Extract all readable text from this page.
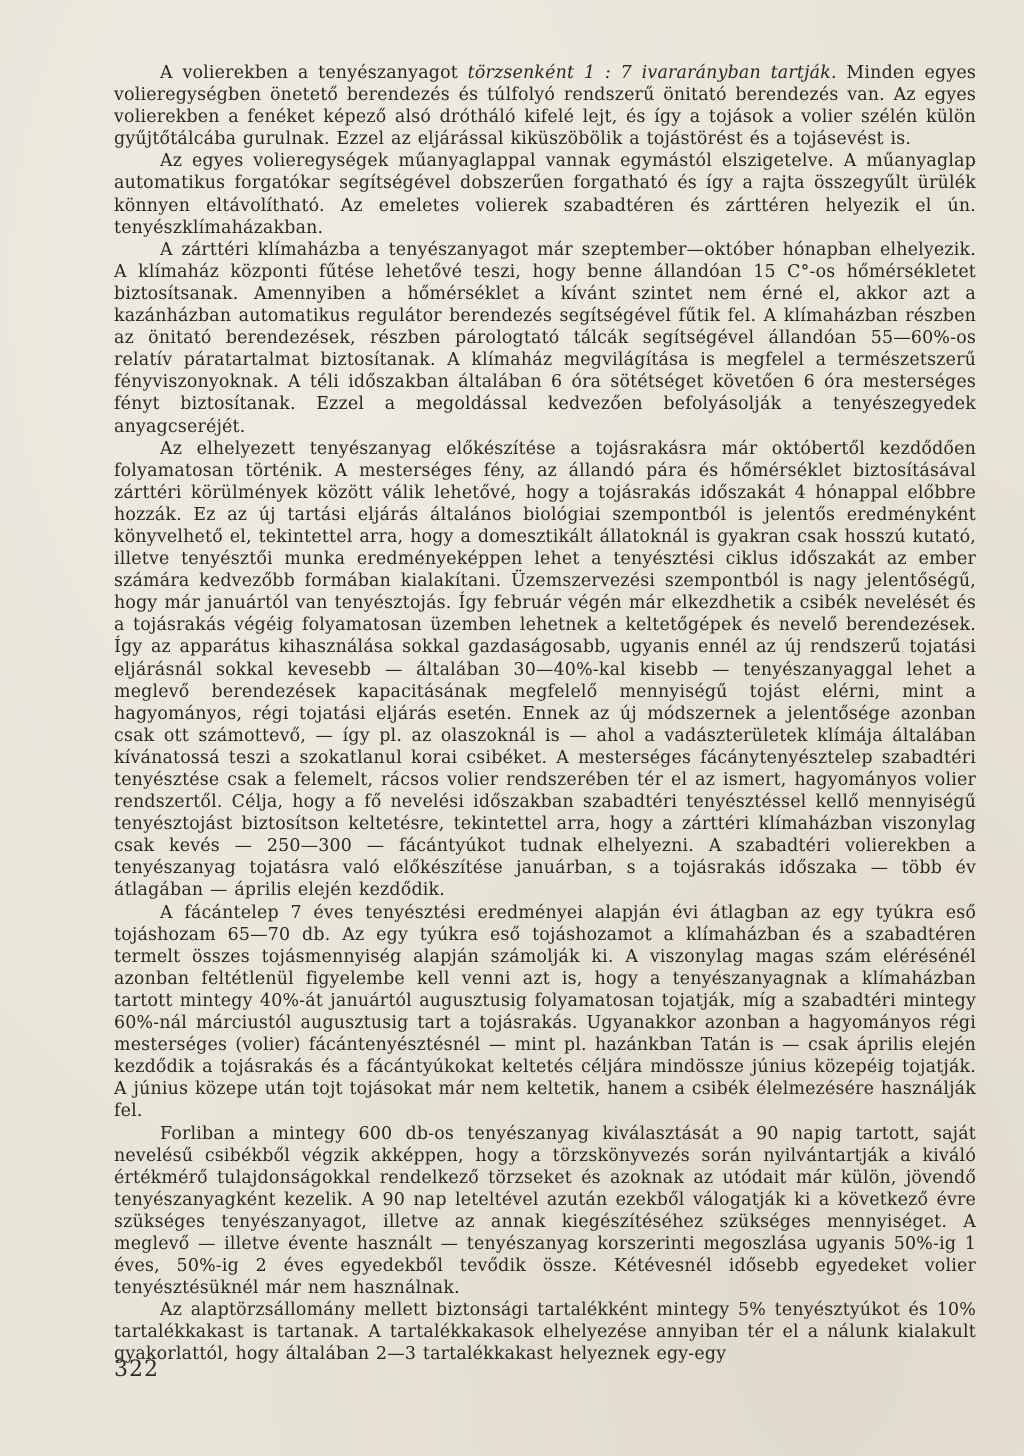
A volierekben a tenyészanyagot törzsenként 1 : 7 ivararányban tartják. Minden egyes volieregységben önetető berendezés és túlfolyó rendszerű önitató berendezés van. Az egyes volierekben a fenéket képező alsó drótháló kifelé lejt, és így a tojások a volier szélén külön gyűjtőtálcába gurulnak. Ezzel az eljárással kiküszöbölik a tojástörést és a tojásevést is.

Az egyes volieregységek műanyaglappal vannak egymástól elszigetelve. A műanyaglap automatikus forgatókar segítségével dobszerűen forgatható és így a rajta összegyűlt ürülék könnyen eltávolítható. Az emeletes volierek szabadtéren és zárttéren helyezik el ún. tenyészklímaházakban.

A zárttéri klímaházba a tenyészanyagot már szeptember—október hónapban elhelyezik. A klímaház központi fűtése lehetővé teszi, hogy benne állandóan 15 C°-os hőmérsékletet biztosítsanak. Amennyiben a hőmérséklet a kívánt szintet nem érné el, akkor azt a kazánházban automatikus regulátor berendezés segítségével fűtik fel. A klímaházban részben az önitató berendezések, részben párologtató tálcák segítségével állandóan 55—60%-os relatív páratartalmat biztosítanak. A klímaház megvilágítása is megfelel a természetszerű fényviszonyoknak. A téli időszakban általában 6 óra sötétséget követően 6 óra mesterséges fényt biztosítanak. Ezzel a megoldással kedvezően befolyásolják a tenyészegyedek anyagcseréjét.

Az elhelyezett tenyészanyag előkészítése a tojásrakásra már októbertől kezdődően folyamatosan történik. A mesterséges fény, az állandó pára és hőmérséklet biztosításával zárttéri körülmények között válik lehetővé, hogy a tojásrakás időszakát 4 hónappal előbbre hozzák. Ez az új tartási eljárás általános biológiai szempontból is jelentős eredményként könyvelhető el, tekintettel arra, hogy a domesztikált állatoknál is gyakran csak hosszú kutató, illetve tenyésztői munka eredményeképpen lehet a tenyésztési ciklus időszakát az ember számára kedvezőbb formában kialakítani. Üzemszervezési szempontból is nagy jelentőségű, hogy már januártól van tenyésztojás. Így február végén már elkezdhetik a csibék nevelését és a tojásrakás végéig folyamatosan üzemben lehetnek a keltetőgépek és nevelő berendezések. Így az apparátus kihasználása sokkal gazdaságosabb, ugyanis ennél az új rendszerű tojatási eljárásnál sokkal kevesebb — általában 30—40%-kal kisebb — tenyészanyaggal lehet a meglevő berendezések kapacitásának megfelelő mennyiségű tojást elérni, mint a hagyományos, régi tojatási eljárás esetén. Ennek az új módszernek a jelentősége azonban csak ott számottevő, — így pl. az olaszoknál is — ahol a vadászterületek klímája általában kívánatossá teszi a szokatlanul korai csibéket. A mesterséges fácánytenyésztelep szabadtéri tenyésztése csak a felemelt, rácsos volier rendszerében tér el az ismert, hagyományos volier rendszertől. Célja, hogy a fő nevelési időszakban szabadtéri tenyésztéssel kellő mennyiségű tenyésztojást biztosítson keltetésre, tekintettel arra, hogy a zárttéri klímaházban viszonylag csak kevés — 250—300 — fácántyúkot tudnak elhelyezni. A szabadtéri volierekben a tenyészanyag tojatásra való előkészítése januárban, s a tojásrakás időszaka — több év átlagában — április elején kezdődik.

A fácántelep 7 éves tenyésztési eredményei alapján évi átlagban az egy tyúkra eső tojáshozam 65—70 db. Az egy tyúkra eső tojáshozamot a klímaházban és a szabadtéren termelt összes tojásmennyiség alapján számolják ki. A viszonylag magas szám elérésénél azonban feltétlenül figyelembe kell venni azt is, hogy a tenyészanyagnak a klímaházban tartott mintegy 40%-át januártól augusztusig folyamatosan tojatják, míg a szabadtéri mintegy 60%-nál márciustól augusztusig tart a tojásrakás. Ugyanakkor azonban a hagyományos régi mesterséges (volier) fácántenyésztésnél — mint pl. hazánkban Tatán is — csak április elején kezdődik a tojásrakás és a fácántyúkokat keltetés céljára mindössze június közepéig tojatják. A június közepe után tojt tojásokat már nem keltetik, hanem a csibék élelmezésére használják fel.

Forliban a mintegy 600 db-os tenyészanyag kiválasztását a 90 napig tartott, saját nevelésű csibékből végzik akképpen, hogy a törzskönyvezés során nyilvántartják a kiváló értékmérő tulajdonságokkal rendelkező törzseket és azoknak az utódait már külön, jövendő tenyészanyagként kezelik. A 90 nap leteltével azután ezekből válogatják ki a következő évre szükséges tenyészanyagot, illetve az annak kiegészítéséhez szükséges mennyiséget. A meglevő — illetve évente használt — tenyészanyag korszerinti megoszlása ugyanis 50%-ig 1 éves, 50%-ig 2 éves egyedekből tevődik össze. Kétévesnél idősebb egyedeket volier tenyésztésüknél már nem használnak.

Az alaptörzsállomány mellett biztonsági tartalékként mintegy 5% tenyésztyúkot és 10% tartalékkakast is tartanak. A tartalékkakasok elhelyezése annyiban tér el a nálunk kialakult gyakorlattól, hogy általában 2—3 tartalékkakast helyeznek egy-egy

322
